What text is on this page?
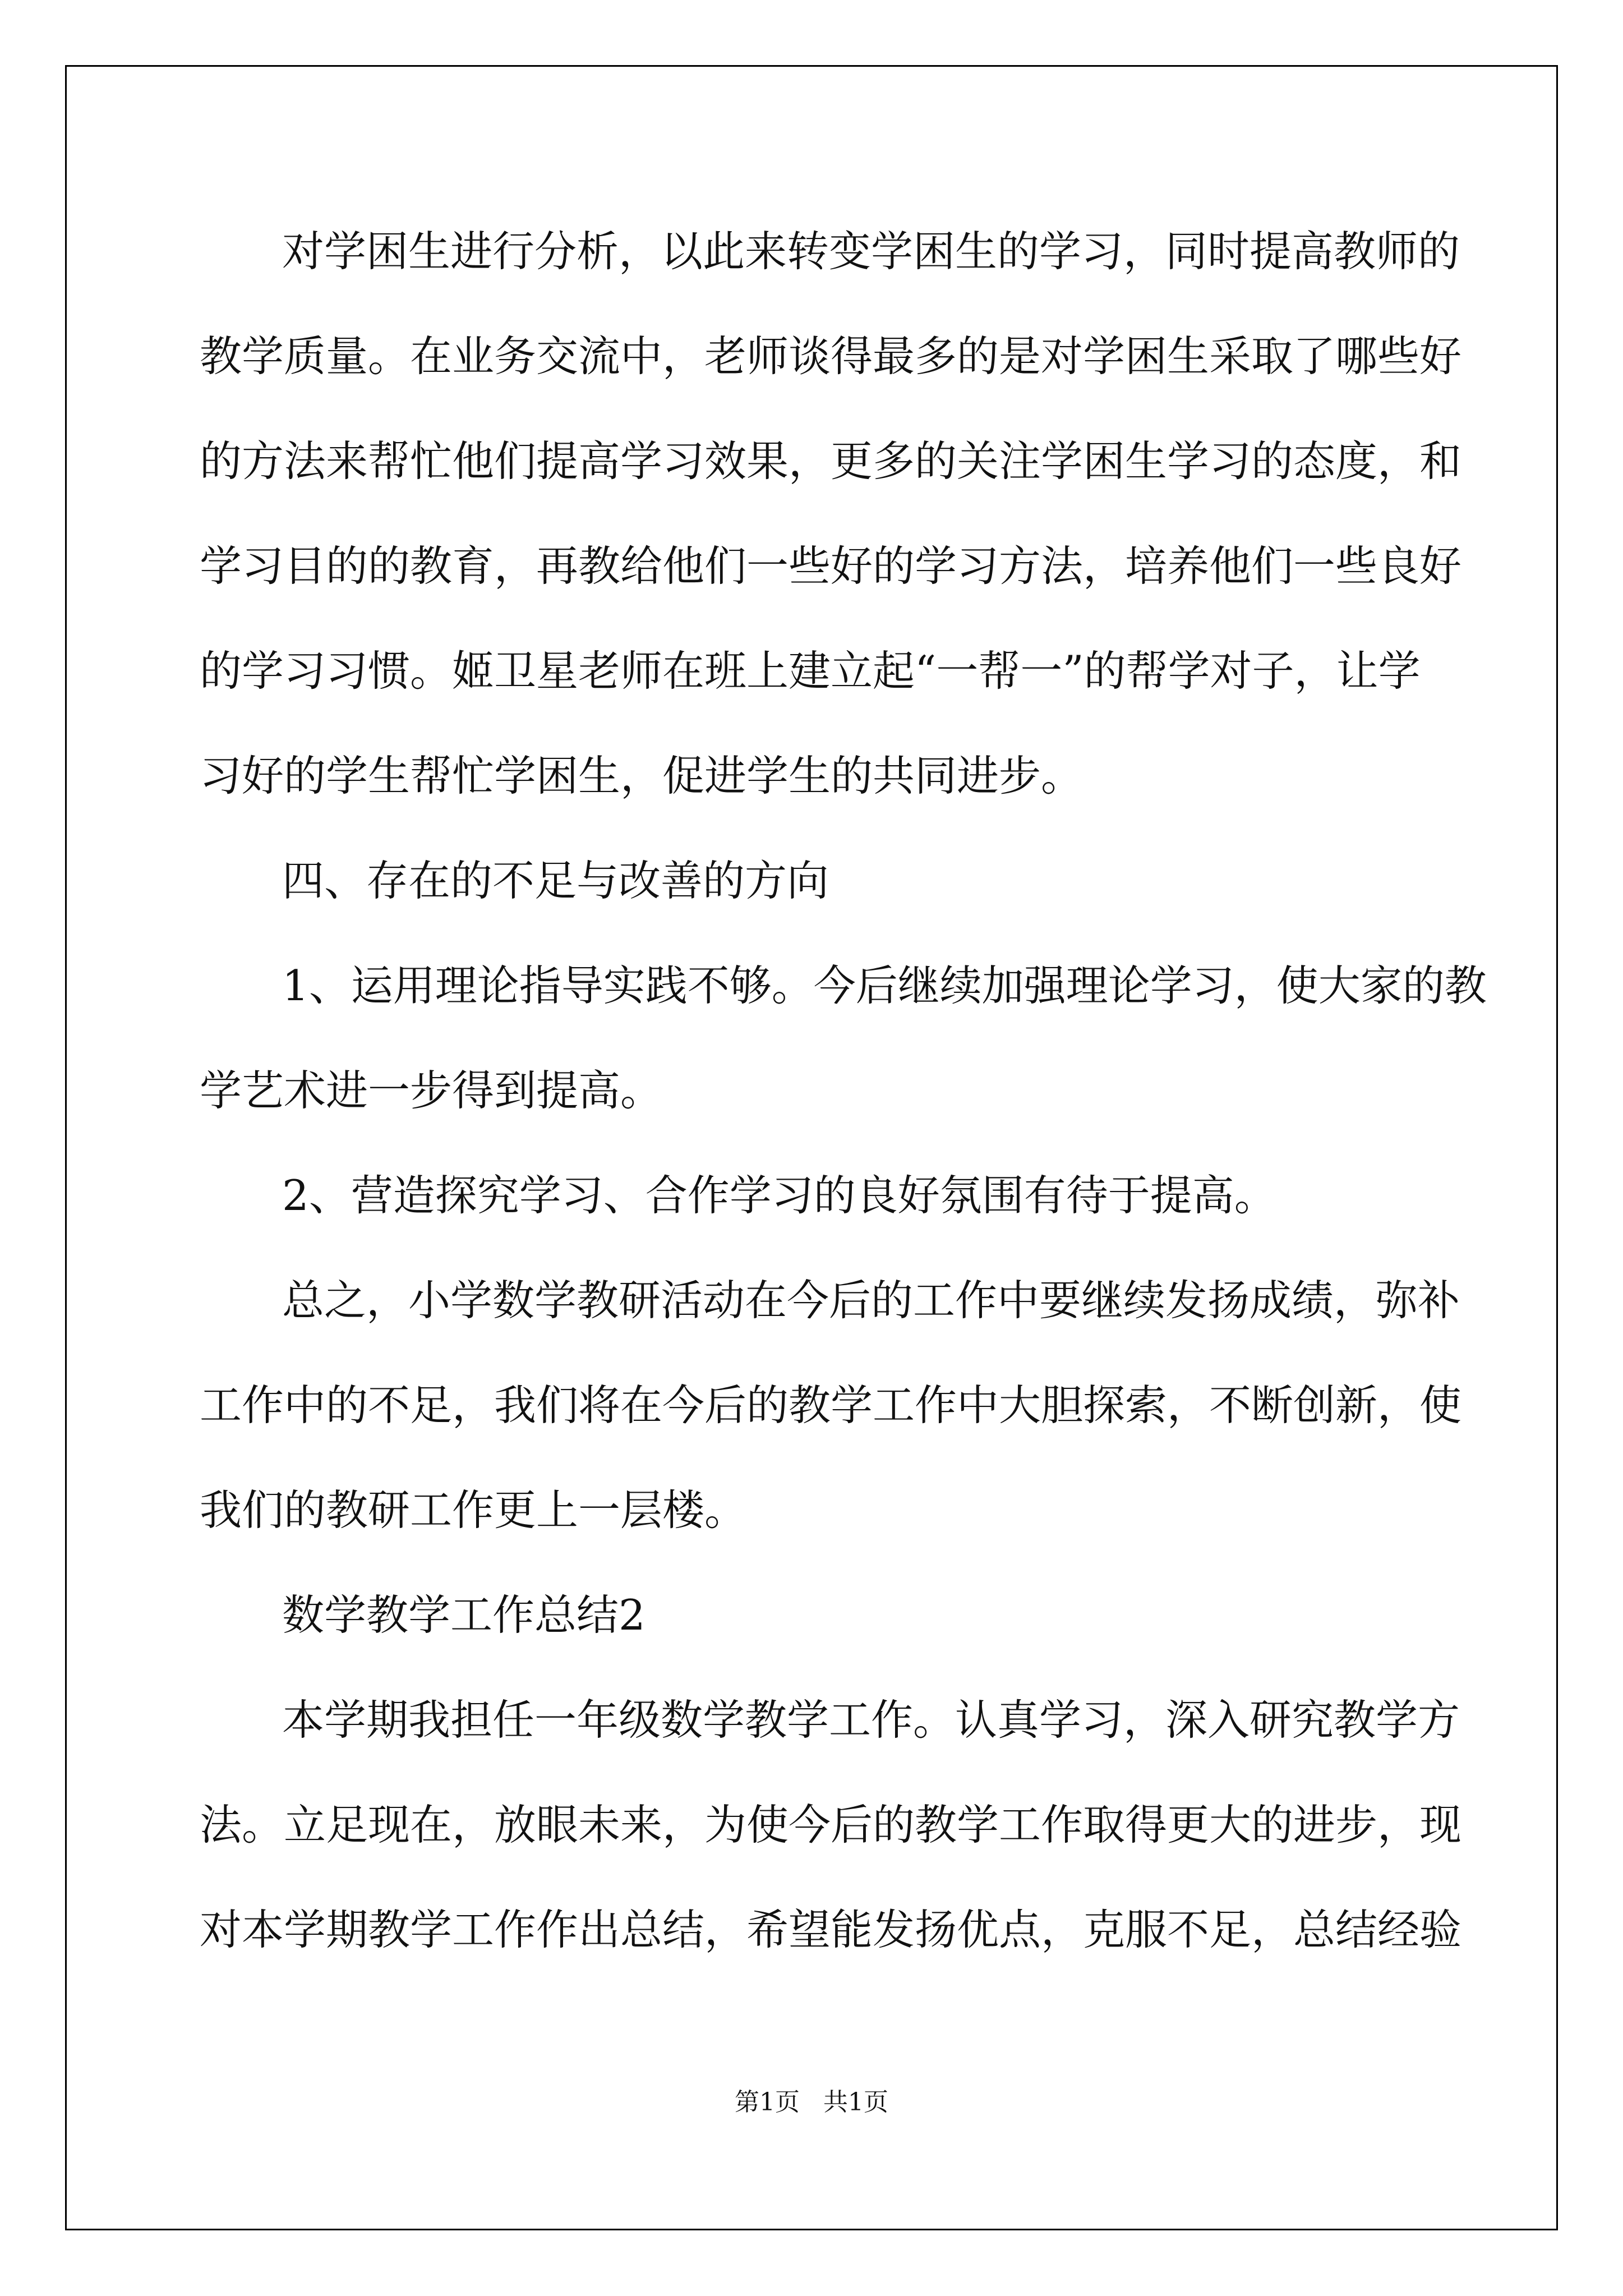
对学困生进行分析，以此来转变学困生的学习，同时提高教师的
教学质量。在业务交流中，老师谈得最多的是对学困生采取了哪些好
的方法来帮忙他们提高学习效果，更多的关注学困生学习的态度，和
学习目的的教育，再教给他们一些好的学习方法，培养他们一些良好
的学习习惯。姬卫星老师在班上建立起“一帮一”的帮学对子，让学
习好的学生帮忙学困生，促进学生的共同进步。
四、存在的不足与改善的方向
1、运用理论指导实践不够。今后继续加强理论学习，使大家的教
学艺术进一步得到提高。
2、营造探究学习、合作学习的良好氛围有待于提高。
总之，小学数学教研活动在今后的工作中要继续发扬成绩，弥补
工作中的不足，我们将在今后的教学工作中大胆探索，不断创新，使
我们的教研工作更上一层楼。
数学教学工作总结2
本学期我担任一年级数学教学工作。认真学习，深入研究教学方
法。立足现在，放眼未来，为使今后的教学工作取得更大的进步，现
对本学期教学工作作出总结，希望能发扬优点，克服不足，总结经验
第1页   共1页
